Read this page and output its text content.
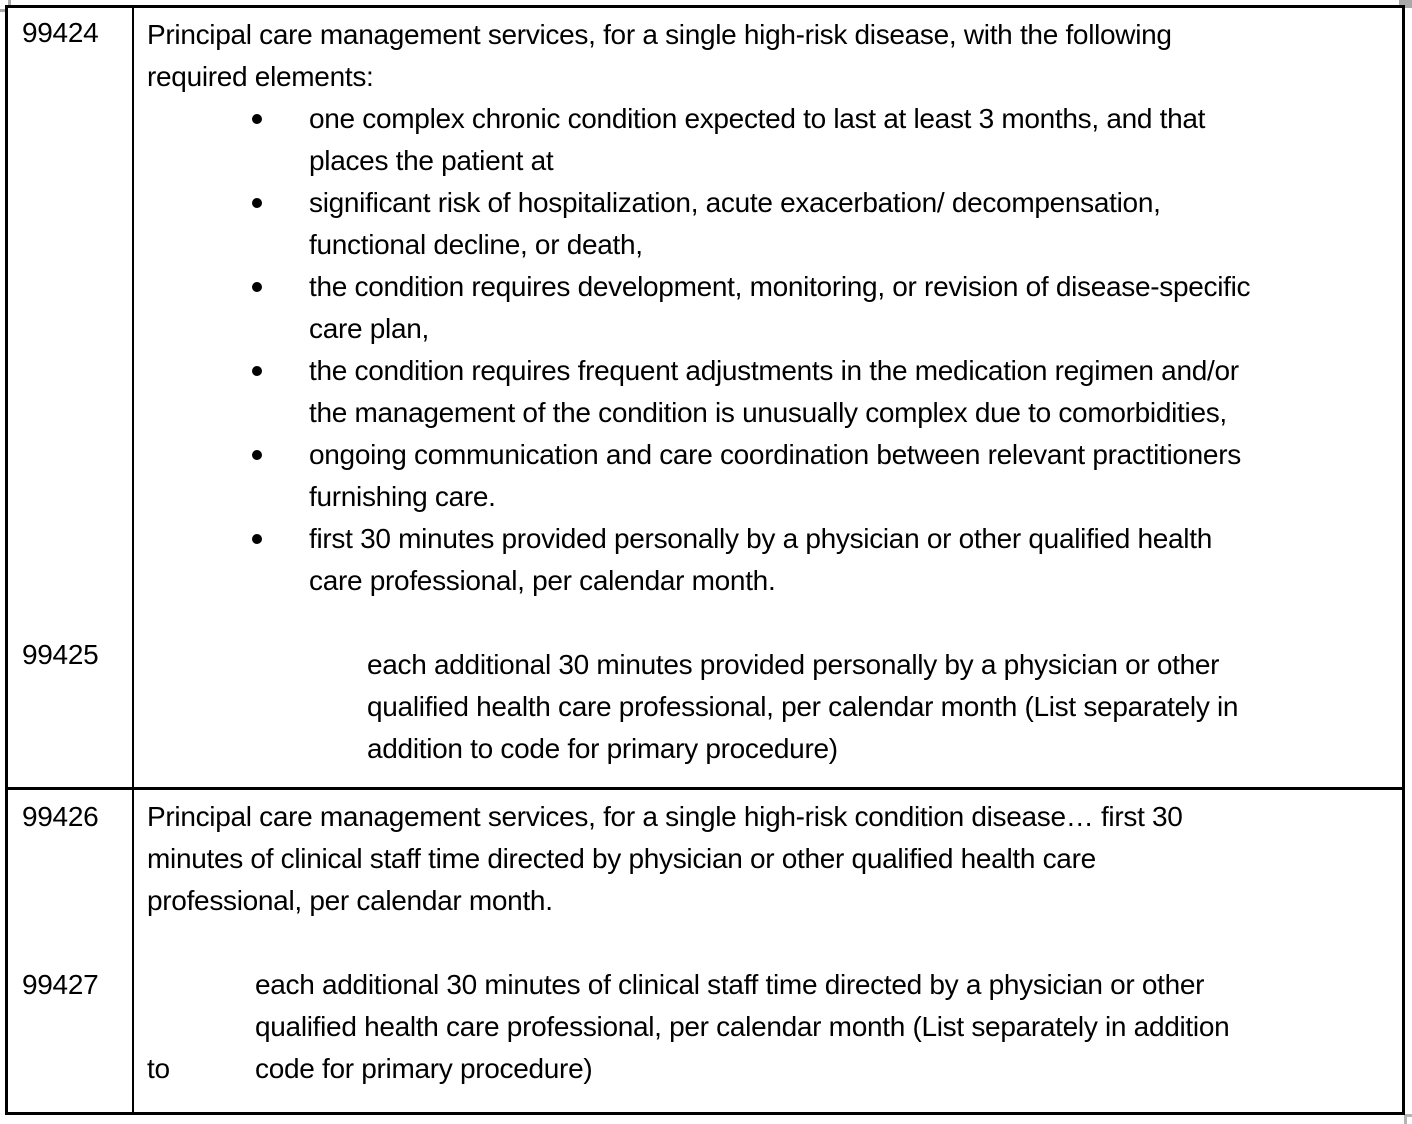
99424
99425
Principal care management services, for a single high-risk disease, with the following
required elements:
one complex chronic condition expected to last at least 3 months, and that
places the patient at
significant risk of hospitalization, acute exacerbation/ decompensation,
functional decline, or death,
the condition requires development, monitoring, or revision of disease-specific
care plan,
the condition requires frequent adjustments in the medication regimen and/or
the management of the condition is unusually complex due to comorbidities,
ongoing communication and care coordination between relevant practitioners
furnishing care.
first 30 minutes provided personally by a physician or other qualified health
care professional, per calendar month.
each additional 30 minutes provided personally by a physician or other
qualified health care professional, per calendar month (List separately in
addition to code for primary procedure)
99426
99427
Principal care management services, for a single high-risk condition disease… first 30
minutes of clinical staff time directed by physician or other qualified health care
professional, per calendar month.
each additional 30 minutes of clinical staff time directed by a physician or other
qualified health care professional, per calendar month (List separately in addition
to	code for primary procedure)
